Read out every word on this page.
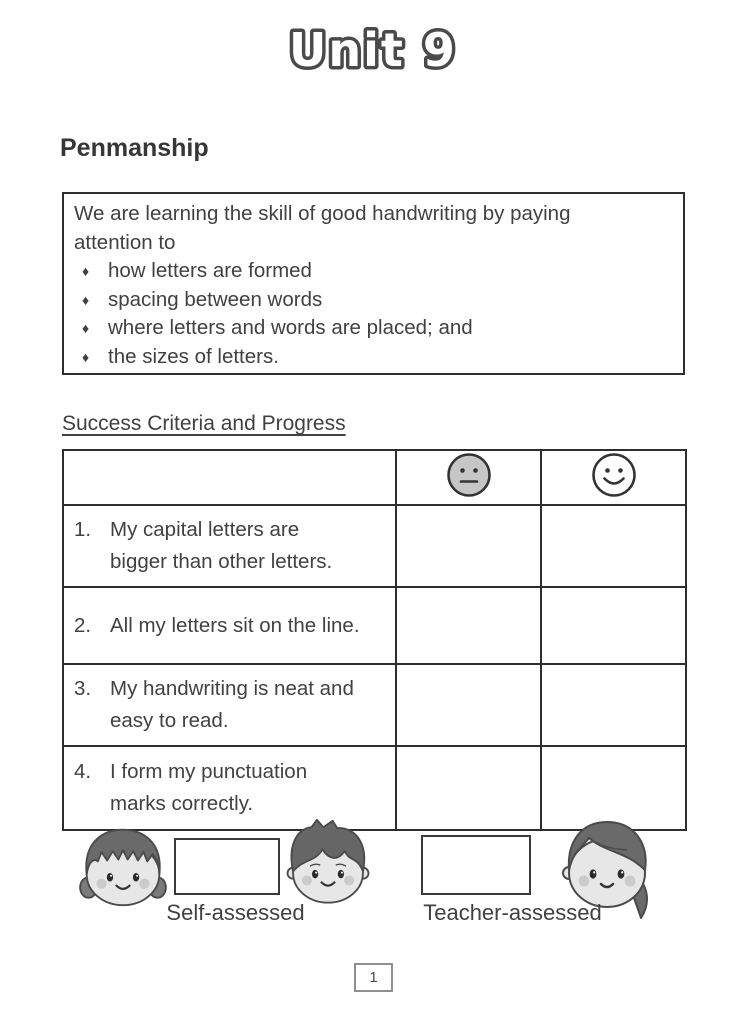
Unit 9
Penmanship
We are learning the skill of good handwriting by paying
attention to
♦ how letters are formed
♦ spacing between words
♦ where letters and words are placed; and
♦ the sizes of letters.
Success Criteria and Progress

1. My capital letters are
bigger than other letters.		

2. All my letters sit on the line.		

3. My handwriting is neat and
easy to read.		

4. I form my punctuation
marks correctly.		

Self-assessed	Teacher-assessed
1
